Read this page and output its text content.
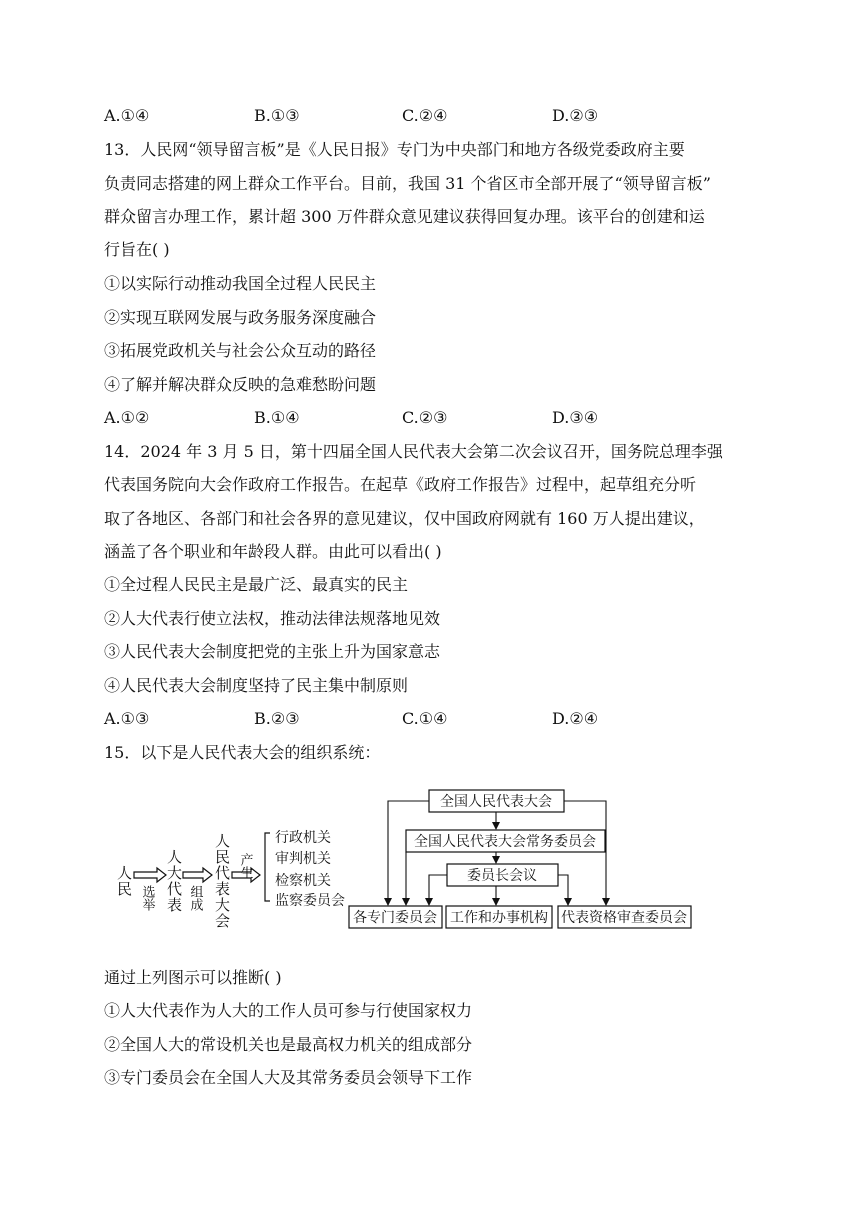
A.①④	B.①③	C.②④	D.②③
13．人民网“领导留言板”是《人民日报》专门为中央部门和地方各级党委政府主要
负责同志搭建的网上群众工作平台。目前，我国 31 个省区市全部开展了“领导留言板”
群众留言办理工作，累计超 300 万件群众意见建议获得回复办理。该平台的创建和运
行旨在( )
①以实际行动推动我国全过程人民民主
②实现互联网发展与政务服务深度融合
③拓展党政机关与社会公众互动的路径
④了解并解决群众反映的急难愁盼问题
A.①②	B.①④	C.②③	D.③④
14．2024 年 3 月 5 日，第十四届全国人民代表大会第二次会议召开，国务院总理李强
代表国务院向大会作政府工作报告。在起草《政府工作报告》过程中，起草组充分听
取了各地区、各部门和社会各界的意见建议，仅中国政府网就有 160 万人提出建议，
涵盖了各个职业和年龄段人群。由此可以看出( )
①全过程人民民主是最广泛、最真实的民主
②人大代表行使立法权，推动法律法规落地见效
③人民代表大会制度把党的主张上升为国家意志
④人民代表大会制度坚持了民主集中制原则
A.①③	B.②③	C.①④	D.②④
15．以下是人民代表大会的组织系统：
人民
选举 人大代表 组成 人民代表大会 产生
行政机关
审判机关
检察机关
监察委员会
全国人民代表大会
全国人民代表大会常务委员会
委员长会议
各专门委员会 工作和办事机构 代表资格审查委员会
通过上列图示可以推断( )
①人大代表作为人大的工作人员可参与行使国家权力
②全国人大的常设机关也是最高权力机关的组成部分
③专门委员会在全国人大及其常务委员会领导下工作
